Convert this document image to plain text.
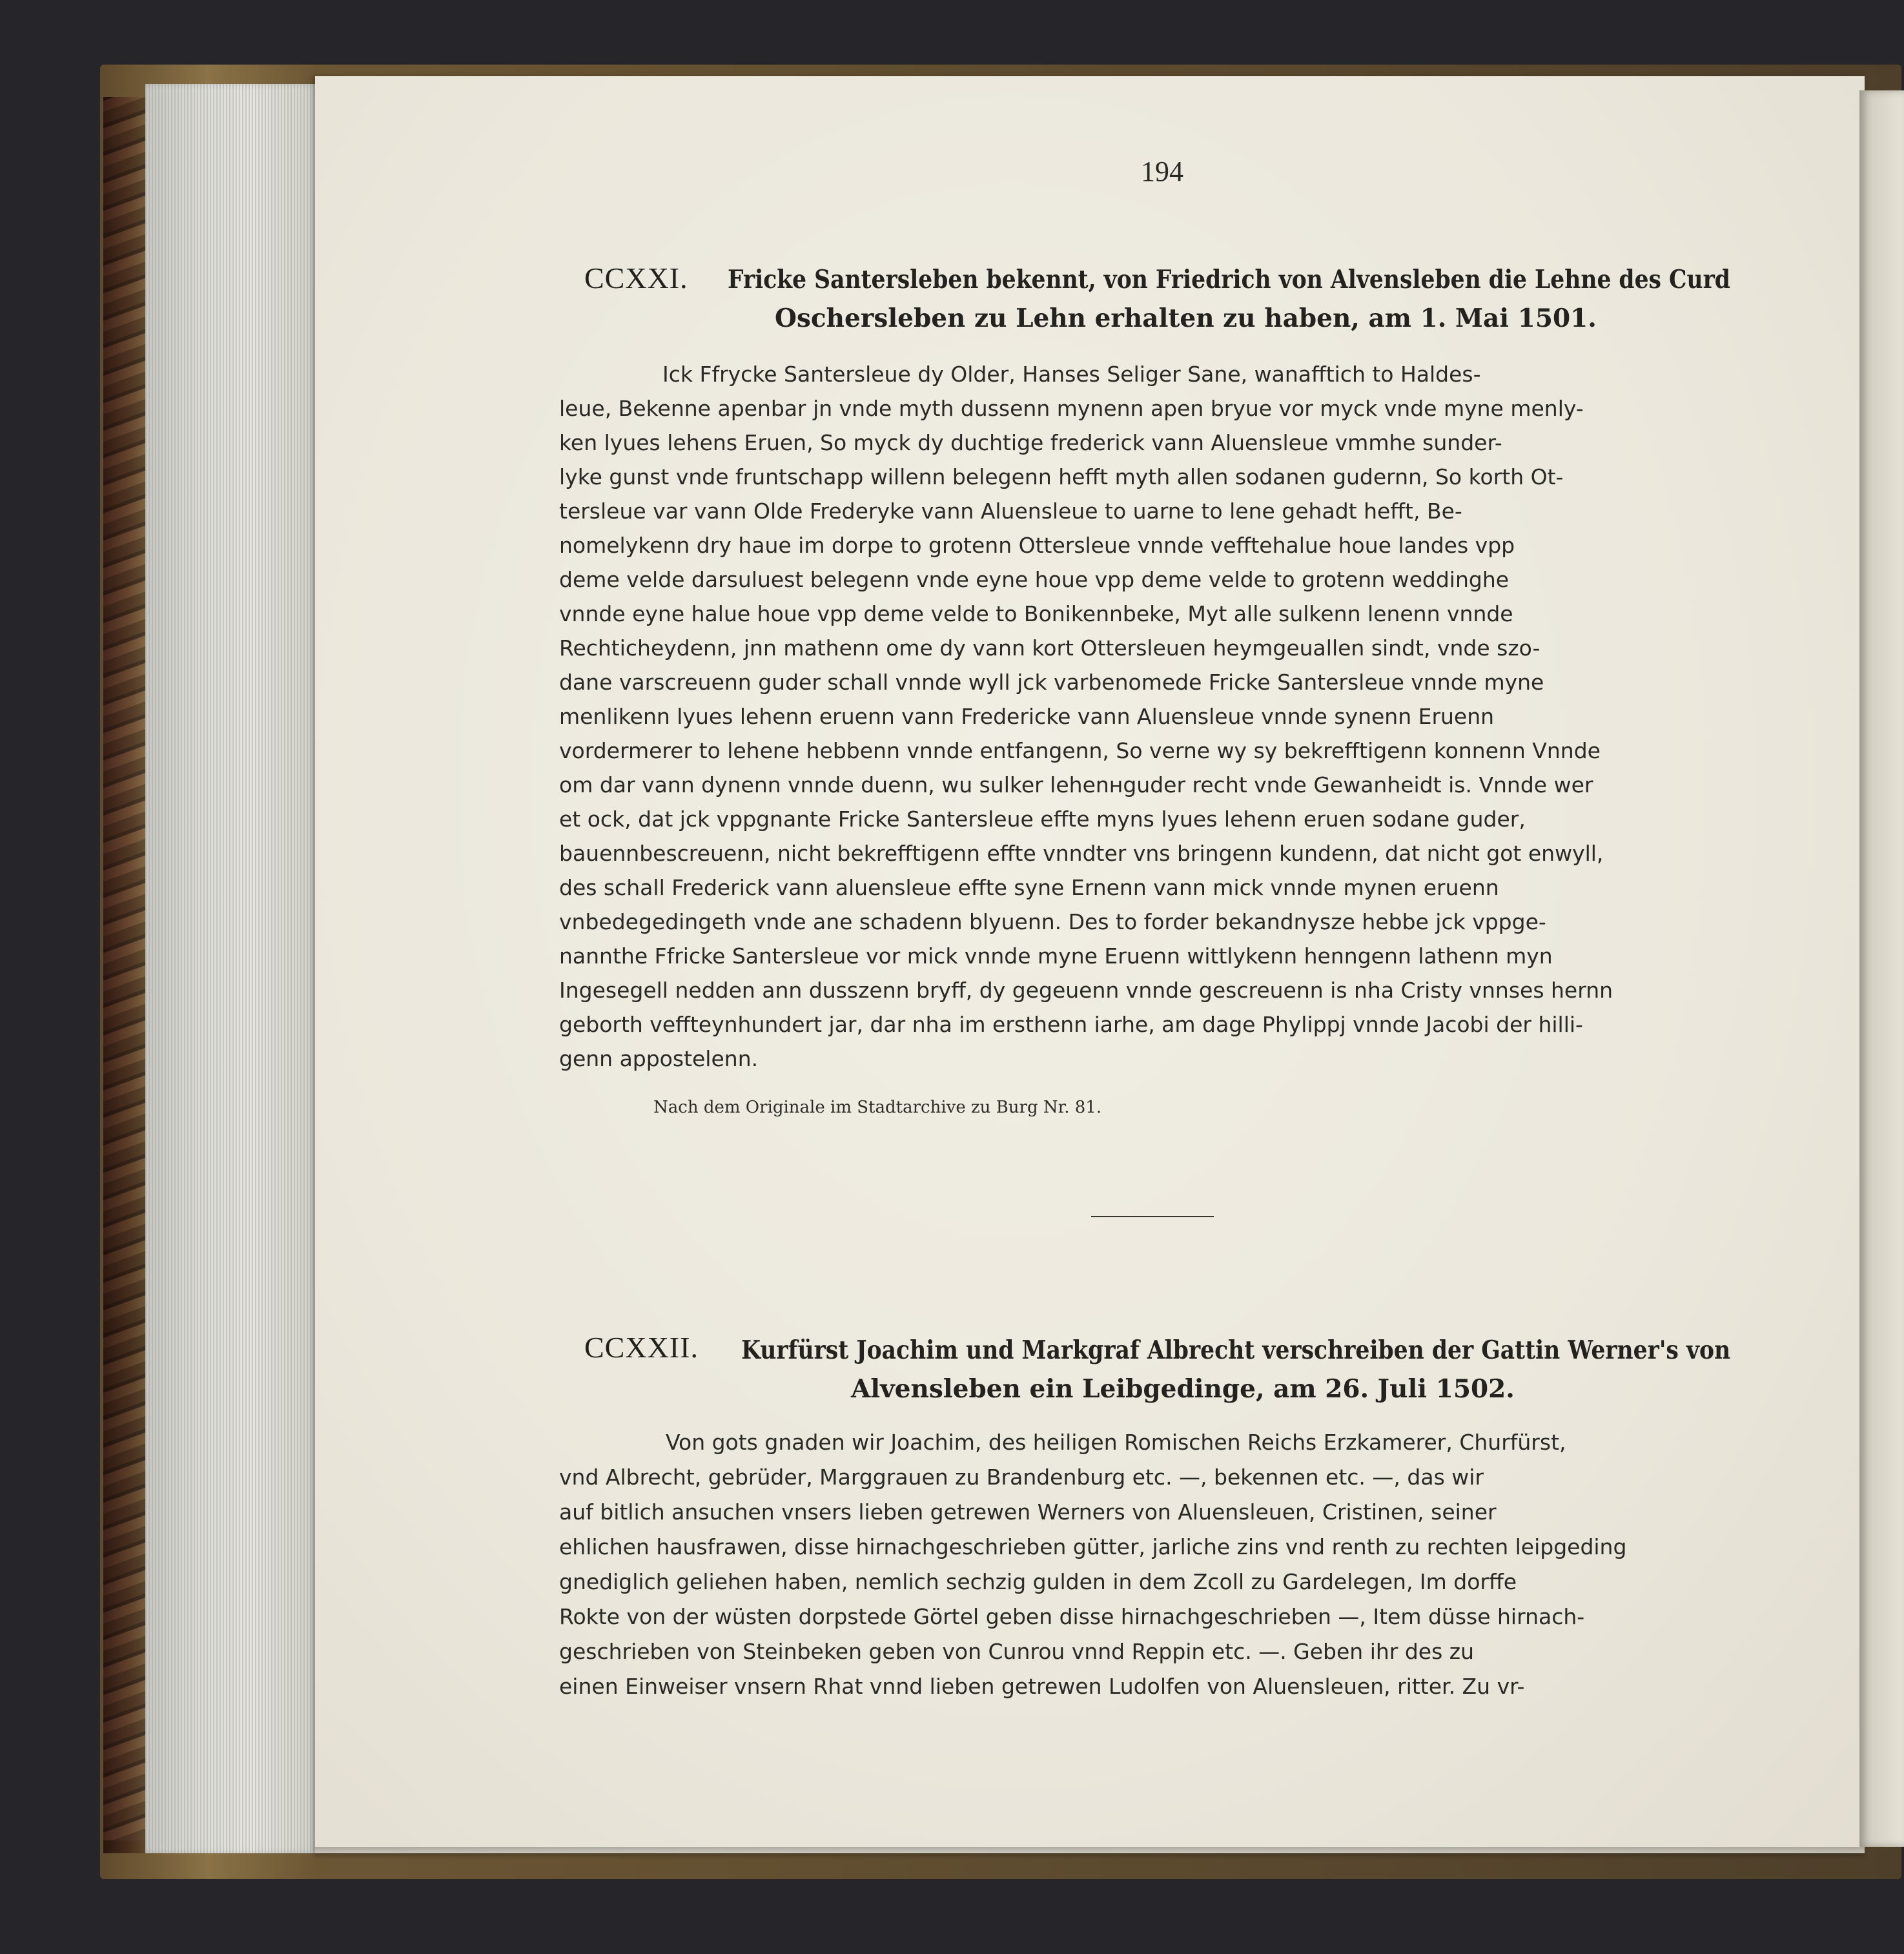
194
CCXXI. Fricke Santersleben bekennt, von Friedrich von Alvensleben die Lehne des Curd
Oschersleben zu Lehn erhalten zu haben, am 1. Mai 1501.
Ick Ffrycke Santersleue dy Older, Hanses Seliger Sane, wanafftich to Haldes-
leue, Bekenne apenbar jn vnde myth dussenn mynenn apen bryue vor myck vnde myne menly-
ken lyues lehens Eruen, So myck dy duchtige frederick vann Aluensleue vmmhe sunder-
lyke gunst vnde fruntschapp willenn belegenn hefft myth allen sodanen gudernn, So korth Ot-
tersleue var vann Olde Frederyke vann Aluensleue to uarne to lene gehadt hefft, Be-
nomelykenn dry haue im dorpe to grotenn Ottersleue vnnde vefftehalue houe landes vpp
deme velde darsuluest belegenn vnde eyne houe vpp deme velde to grotenn weddinghe
vnnde eyne halue houe vpp deme velde to Bonikennbeke, Myt alle sulkenn lenenn vnnde
Rechticheydenn, jnn mathenn ome dy vann kort Ottersleuen heymgeuallen sindt, vnde szo-
dane varscreuenn guder schall vnnde wyll jck varbenomede Fricke Santersleue vnnde myne
menlikenn lyues lehenn eruenn vann Fredericke vann Aluensleue vnnde synenn Eruenn
vordermerer to lehene hebbenn vnnde entfangenn, So verne wy sy bekrefftigenn konnenn Vnnde
om dar vann dynenn vnnde duenn, wu sulker lehenнguder recht vnde Gewanheidt is. Vnnde wer
et ock, dat jck vppgnante Fricke Santersleue effte myns lyues lehenn eruen sodane guder,
bauennbescreuenn, nicht bekrefftigenn effte vnndter vns bringenn kundenn, dat nicht got enwyll,
des schall Frederick vann aluensleue effte syne Ernenn vann mick vnnde mynen eruenn
vnbedegedingeth vnde ane schadenn blyuenn. Des to forder bekandnysze hebbe jck vppge-
nannthe Ffricke Santersleue vor mick vnnde myne Eruenn wittlykenn henngenn lathenn myn
Ingesegell nedden ann dusszenn bryff, dy gegeuenn vnnde gescreuenn is nha Cristy vnnses hernn
geborth veffteynhundert jar, dar nha im ersthenn iarhe, am dage Phylippj vnnde Jacobi der hilli-
genn appostelenn.
Nach dem Originale im Stadtarchive zu Burg Nr. 81.
CCXXII. Kurfürst Joachim und Markgraf Albrecht verschreiben der Gattin Werner's von
Alvensleben ein Leibgedinge, am 26. Juli 1502.
Von gots gnaden wir Joachim, des heiligen Romischen Reichs Erzkamerer, Churfürst,
vnd Albrecht, gebrüder, Marggrauen zu Brandenburg etc. —, bekennen etc. —, das wir
auf bitlich ansuchen vnsers lieben getrewen Werners von Aluensleuen, Cristinen, seiner
ehlichen hausfrawen, disse hirnachgeschrieben gütter, jarliche zins vnd renth zu rechten leipgeding
gnediglich geliehen haben, nemlich sechzig gulden in dem Zcoll zu Gardelegen, Im dorffe
Rokte von der wüsten dorpstede Görtel geben disse hirnachgeschrieben —, Item düsse hirnach-
geschrieben von Steinbeken geben von Cunrou vnnd Reppin etc. —. Geben ihr des zu
einen Einweiser vnsern Rhat vnnd lieben getrewen Ludolfen von Aluensleuen, ritter. Zu vr-
